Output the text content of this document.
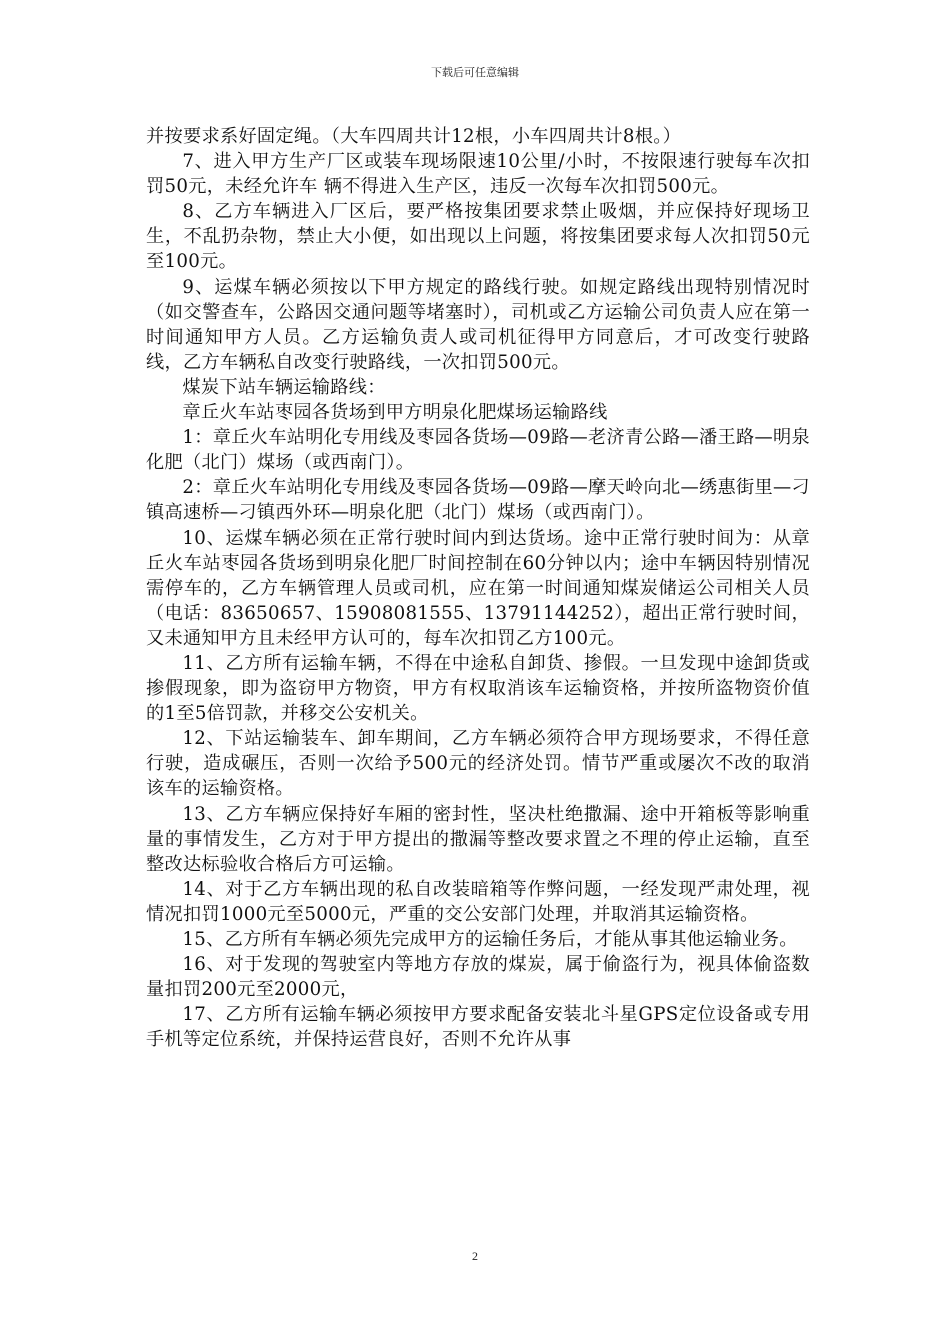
下载后可任意编辑

并按要求系好固定绳。（大车四周共计12根，小车四周共计8根。）

7、进入甲方生产厂区或装车现场限速10公里/小时，不按限速行驶每车次扣罚50元，未经允许车 辆不得进入生产区，违反一次每车次扣罚500元。

8、乙方车辆进入厂区后，要严格按集团要求禁止吸烟，并应保持好现场卫生，不乱扔杂物，禁止大小便，如出现以上问题，将按集团要求每人次扣罚50元至100元。

9、运煤车辆必须按以下甲方规定的路线行驶。如规定路线出现特别情况时（如交警查车，公路因交通问题等堵塞时），司机或乙方运输公司负责人应在第一时间通知甲方人员。乙方运输负责人或司机征得甲方同意后，才可改变行驶路线，乙方车辆私自改变行驶路线，一次扣罚500元。

煤炭下站车辆运输路线：

章丘火车站枣园各货场到甲方明泉化肥煤场运输路线

1：章丘火车站明化专用线及枣园各货场—09路—老济青公路—潘王路—明泉化肥（北门）煤场（或西南门）。

2：章丘火车站明化专用线及枣园各货场—09路—摩天岭向北—绣惠街里—刁镇高速桥—刁镇西外环—明泉化肥（北门）煤场（或西南门）。

10、运煤车辆必须在正常行驶时间内到达货场。途中正常行驶时间为：从章丘火车站枣园各货场到明泉化肥厂时间控制在60分钟以内；途中车辆因特别情况需停车的，乙方车辆管理人员或司机，应在第一时间通知煤炭储运公司相关人员（电话：83650657、15908081555、13791144252），超出正常行驶时间，又未通知甲方且未经甲方认可的，每车次扣罚乙方100元。

11、乙方所有运输车辆，不得在中途私自卸货、掺假。一旦发现中途卸货或掺假现象，即为盗窃甲方物资，甲方有权取消该车运输资格，并按所盗物资价值的1至5倍罚款，并移交公安机关。

12、下站运输装车、卸车期间，乙方车辆必须符合甲方现场要求，不得任意行驶，造成碾压，否则一次给予500元的经济处罚。情节严重或屡次不改的取消该车的运输资格。

13、乙方车辆应保持好车厢的密封性，坚决杜绝撒漏、途中开箱板等影响重量的事情发生，乙方对于甲方提出的撒漏等整改要求置之不理的停止运输，直至整改达标验收合格后方可运输。

14、对于乙方车辆出现的私自改装暗箱等作弊问题，一经发现严肃处理，视情况扣罚1000元至5000元，严重的交公安部门处理，并取消其运输资格。

15、乙方所有车辆必须先完成甲方的运输任务后，才能从事其他运输业务。

16、对于发现的驾驶室内等地方存放的煤炭，属于偷盗行为，视具体偷盗数量扣罚200元至2000元，

17、乙方所有运输车辆必须按甲方要求配备安装北斗星GPS定位设备或专用手机等定位系统，并保持运营良好，否则不允许从事

2
